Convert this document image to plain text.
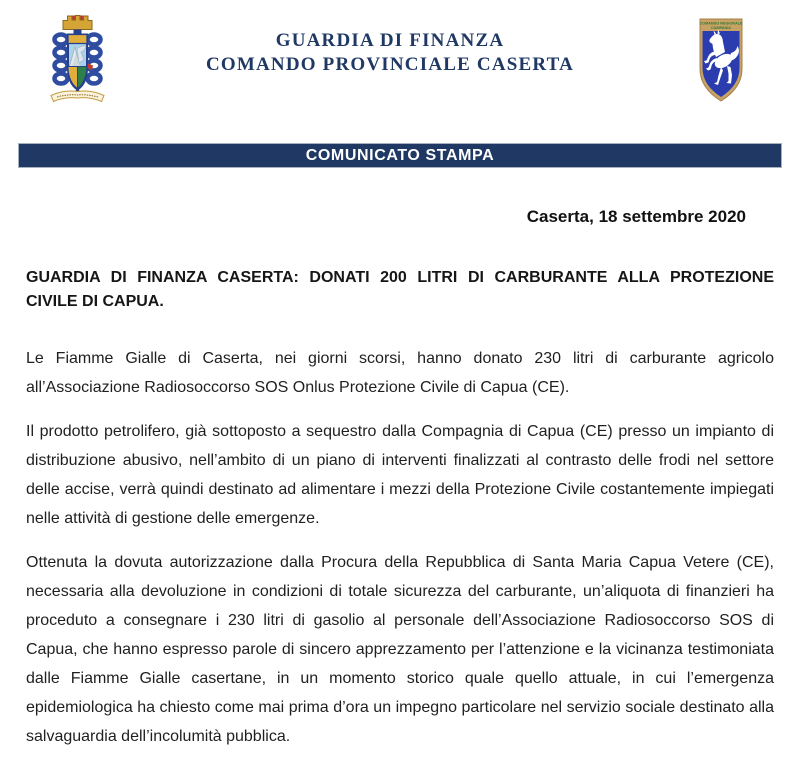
GUARDIA DI FINANZA
COMANDO PROVINCIALE CASERTA
COMANDO REGIONALE
CAMPANIA
COMUNICATO STAMPA
Caserta, 18 settembre 2020
GUARDIA DI FINANZA CASERTA: DONATI 200 LITRI DI CARBURANTE ALLA PROTEZIONE
CIVILE DI CAPUA.

Le Fiamme Gialle di Caserta, nei giorni scorsi, hanno donato 230 litri di carburante agricolo all’Associazione Radiosoccorso SOS Onlus Protezione Civile di Capua (CE).

Il prodotto petrolifero, già sottoposto a sequestro dalla Compagnia di Capua (CE) presso un impianto di distribuzione abusivo, nell’ambito di un piano di interventi finalizzati al contrasto delle frodi nel settore delle accise, verrà quindi destinato ad alimentare i mezzi della Protezione Civile costantemente impiegati nelle attività di gestione delle emergenze.

Ottenuta la dovuta autorizzazione dalla Procura della Repubblica di Santa Maria Capua Vetere (CE), necessaria alla devoluzione in condizioni di totale sicurezza del carburante, un’aliquota di finanzieri ha proceduto a consegnare i 230 litri di gasolio al personale dell’Associazione Radiosoccorso SOS di Capua, che hanno espresso parole di sincero apprezzamento per l’attenzione e la vicinanza testimoniata dalle Fiamme Gialle casertane, in un momento storico quale quello attuale, in cui l’emergenza epidemiologica ha chiesto come mai prima d’ora un impegno particolare nel servizio sociale destinato alla salvaguardia dell’incolumità pubblica.
